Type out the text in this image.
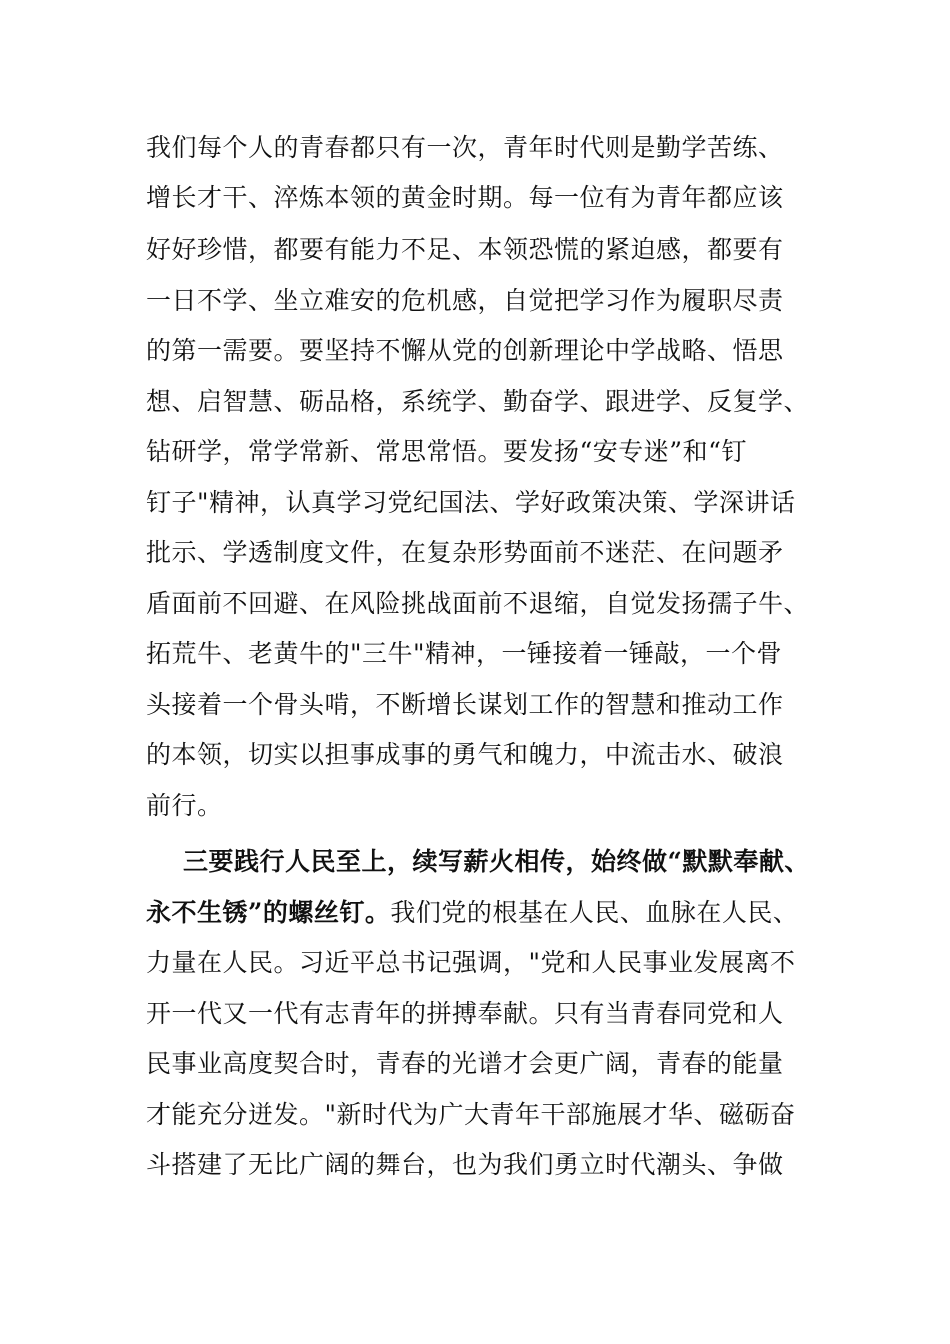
我们每个人的青春都只有一次，青年时代则是勤学苦练、
增长才干、淬炼本领的黄金时期。每一位有为青年都应该
好好珍惜，都要有能力不足、本领恐慌的紧迫感，都要有
一日不学、坐立难安的危机感，自觉把学习作为履职尽责
的第一需要。要坚持不懈从党的创新理论中学战略、悟思
想、启智慧、砺品格，系统学、勤奋学、跟进学、反复学、
钻研学，常学常新、常思常悟。要发扬“安专迷”和“钉
钉子"精神，认真学习党纪国法、学好政策决策、学深讲话
批示、学透制度文件，在复杂形势面前不迷茫、在问题矛
盾面前不回避、在风险挑战面前不退缩，自觉发扬孺子牛、
拓荒牛、老黄牛的"三牛"精神，一锤接着一锤敲，一个骨
头接着一个骨头啃，不断增长谋划工作的智慧和推动工作
的本领，切实以担事成事的勇气和魄力，中流击水、破浪
前行。
三要践行人民至上，续写薪火相传，始终做“默默奉献、
永不生锈”的螺丝钉。我们党的根基在人民、血脉在人民、
力量在人民。习近平总书记强调，"党和人民事业发展离不
开一代又一代有志青年的拼搏奉献。只有当青春同党和人
民事业高度契合时，青春的光谱才会更广阔，青春的能量
才能充分迸发。"新时代为广大青年干部施展才华、磁砺奋
斗搭建了无比广阔的舞台，也为我们勇立时代潮头、争做
